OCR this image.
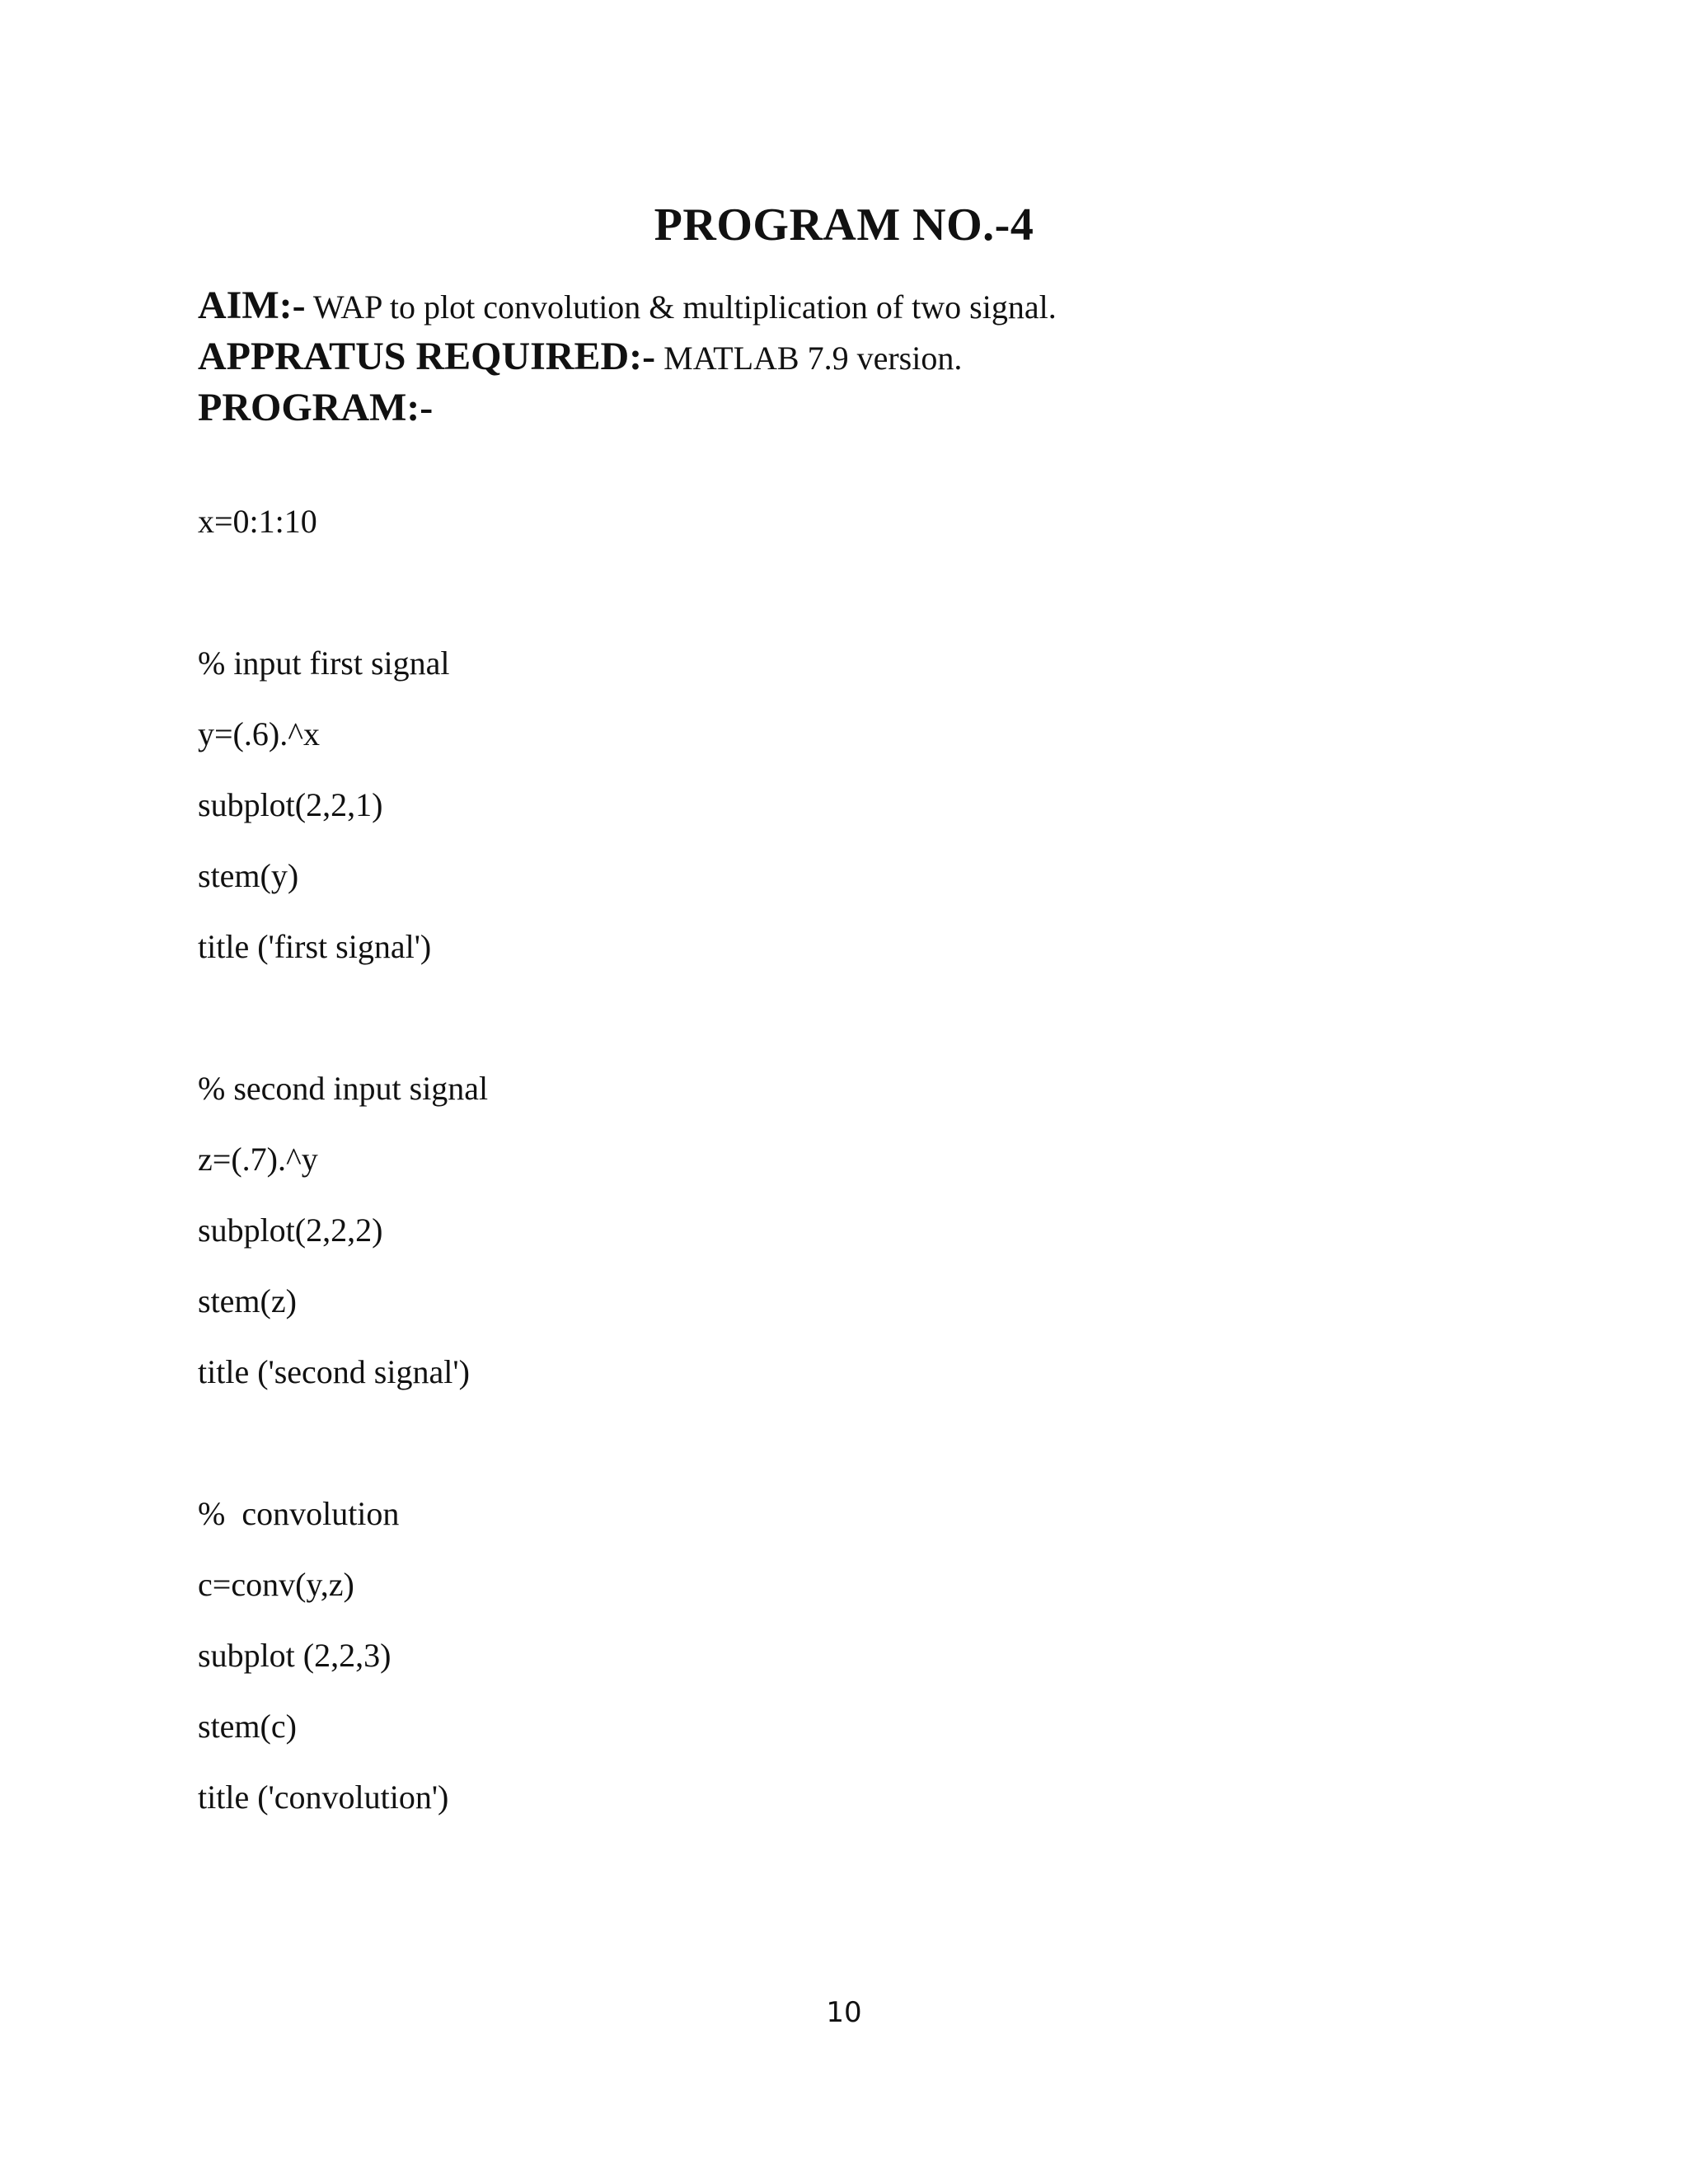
PROGRAM NO.-4
AIM:- WAP to plot convolution & multiplication of two signal.
APPRATUS REQUIRED:- MATLAB 7.9 version.
PROGRAM:-
x=0:1:10
% input first signal
y=(.6).^x
subplot(2,2,1)
stem(y)
title ('first signal')
% second input signal
z=(.7).^y
subplot(2,2,2)
stem(z)
title ('second signal')
%  convolution
c=conv(y,z)
subplot (2,2,3)
stem(c)
title ('convolution')
10
